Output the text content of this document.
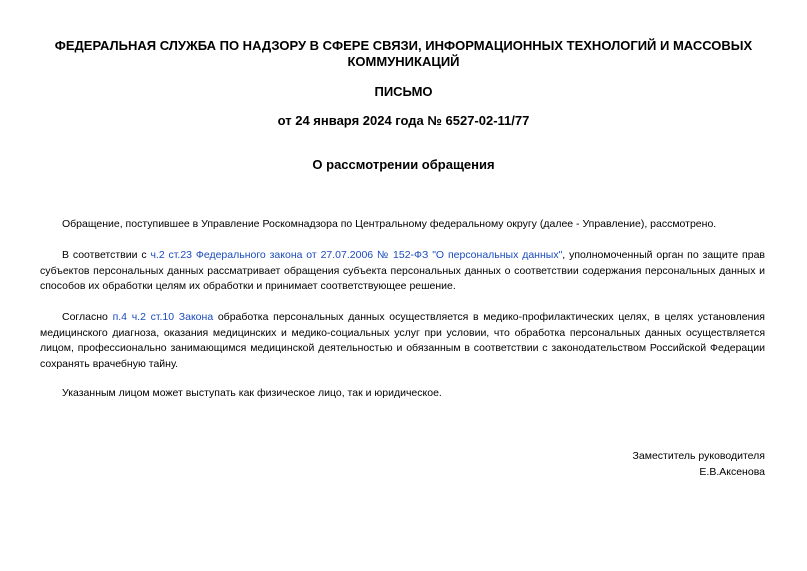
ФЕДЕРАЛЬНАЯ СЛУЖБА ПО НАДЗОРУ В СФЕРЕ СВЯЗИ, ИНФОРМАЦИОННЫХ ТЕХНОЛОГИЙ И МАССОВЫХ КОММУНИКАЦИЙ
ПИСЬМО
от 24 января 2024 года № 6527-02-11/77
О рассмотрении обращения

Обращение, поступившее в Управление Роскомнадзора по Центральному федеральному округу (далее - Управление), рассмотрено.

В соответствии с ч.2 ст.23 Федерального закона от 27.07.2006 № 152-ФЗ "О персональных данных", уполномоченный орган по защите прав субъектов персональных данных рассматривает обращения субъекта персональных данных о соответствии содержания персональных данных и способов их обработки целям их обработки и принимает соответствующее решение.

Согласно п.4 ч.2 ст.10 Закона обработка персональных данных осуществляется в медико-профилактических целях, в целях установления медицинского диагноза, оказания медицинских и медико-социальных услуг при условии, что обработка персональных данных осуществляется лицом, профессионально занимающимся медицинской деятельностью и обязанным в соответствии с законодательством Российской Федерации сохранять врачебную тайну.

Указанным лицом может выступать как физическое лицо, так и юридическое.

Заместитель руководителя
Е.В.Аксенова
